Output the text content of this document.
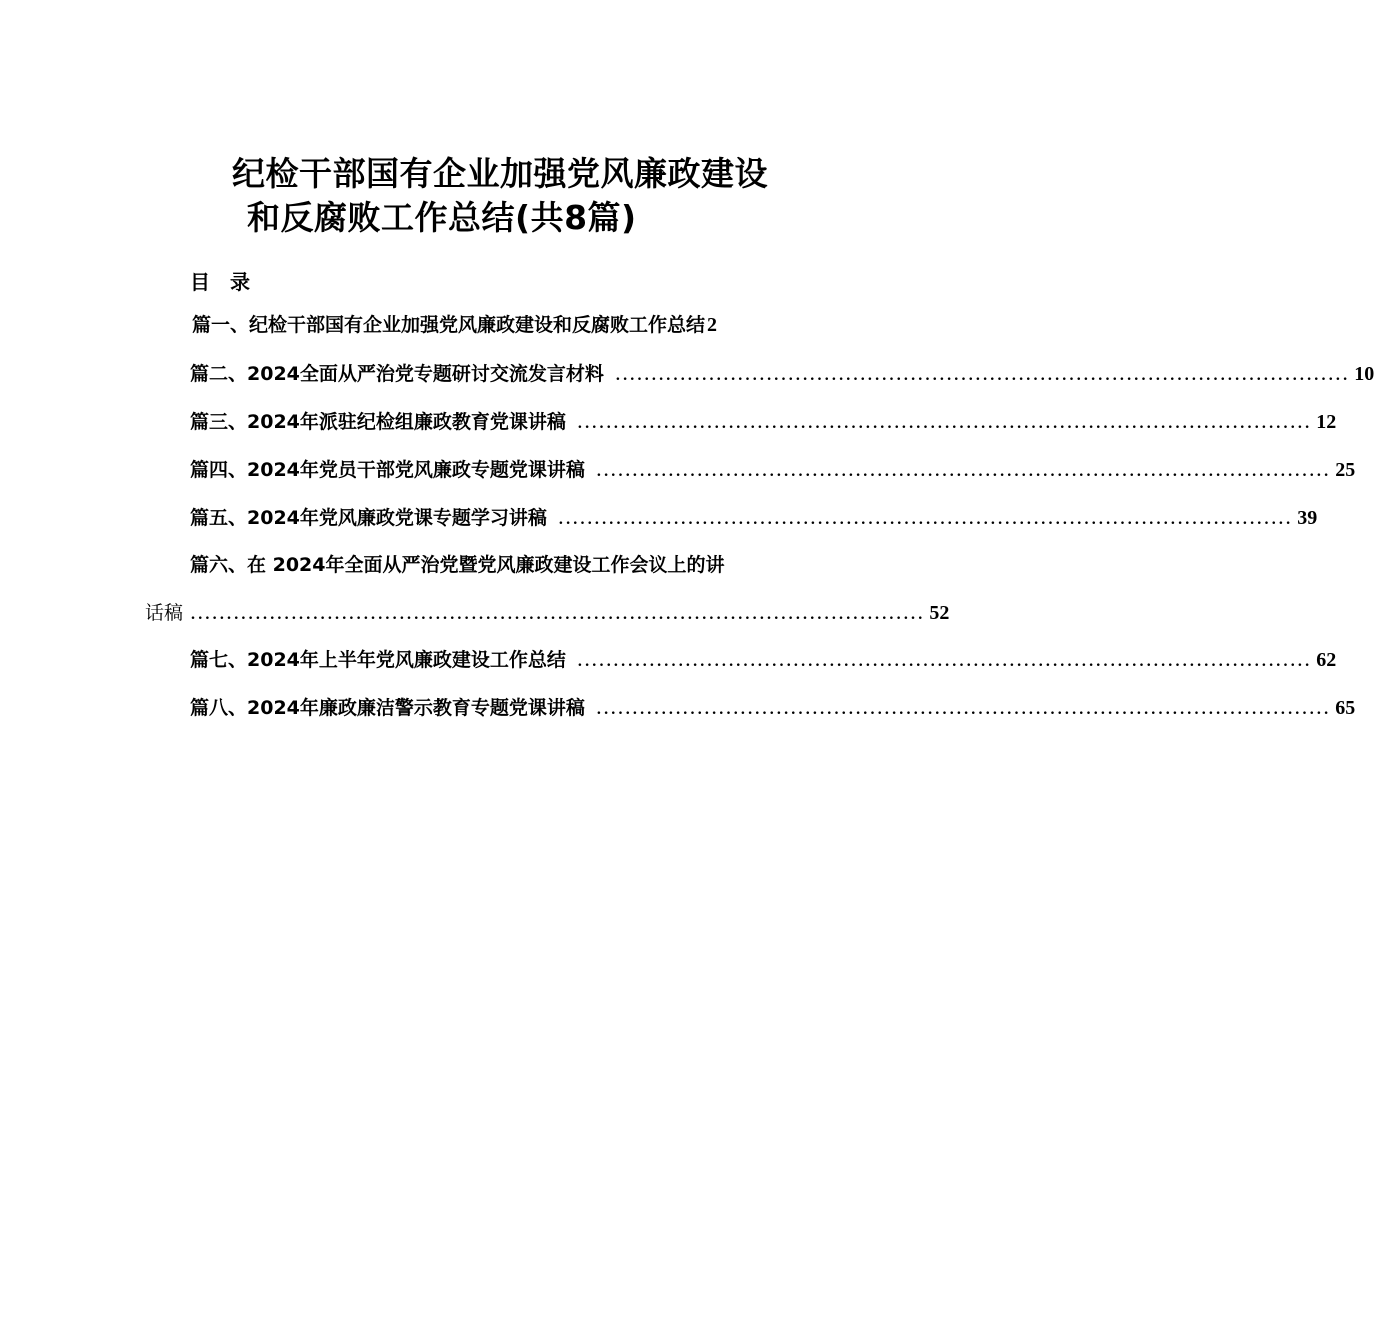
纪检干部国有企业加强党风廉政建设
和反腐败工作总结(共8篇)
目　录
篇一、纪检干部国有企业加强党风廉政建设和反腐败工作总结 2
篇二、2024全面从严治党专题研讨交流发言材料 ...................................................................................................... 10
篇三、2024年派驻纪检组廉政教育党课讲稿 ...................................................................................................... 12
篇四、2024年党员干部党风廉政专题党课讲稿 ...................................................................................................... 25
篇五、2024年党风廉政党课专题学习讲稿 ...................................................................................................... 39
篇六、在 2024年全面从严治党暨党风廉政建设工作会议上的讲
话稿 ...................................................................................................... 52
篇七、2024年上半年党风廉政建设工作总结 ...................................................................................................... 62
篇八、2024年廉政廉洁警示教育专题党课讲稿 ...................................................................................................... 65
